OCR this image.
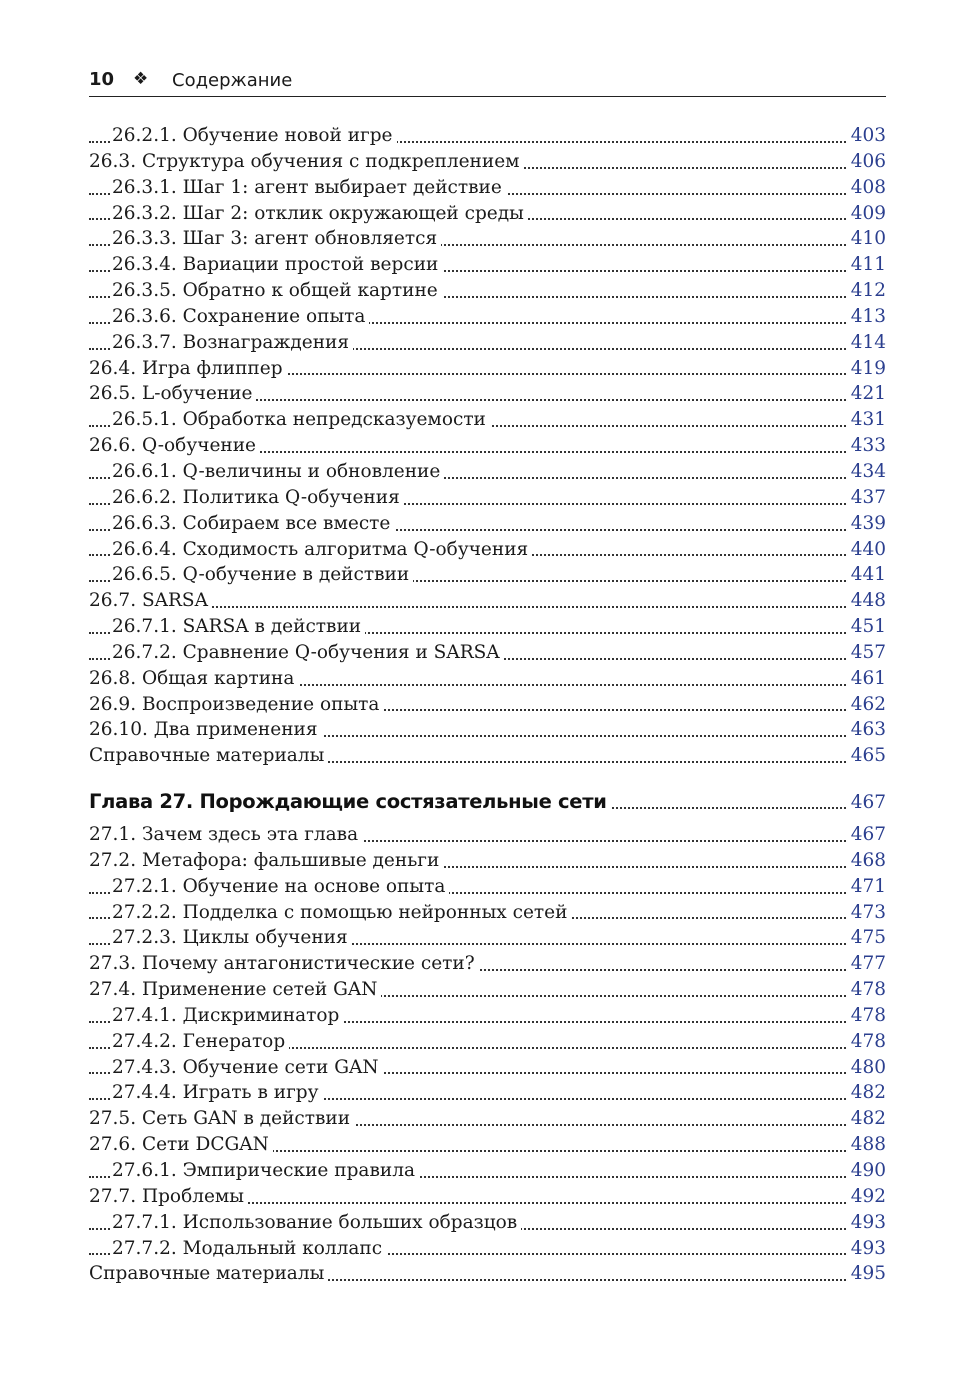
10 ❖ Содержание
26.2.1. Обучение новой игре	403
26.3. Структура обучения с подкреплением	406
26.3.1. Шаг 1: агент выбирает действие	408
26.3.2. Шаг 2: отклик окружающей среды	409
26.3.3. Шаг 3: агент обновляется	410
26.3.4. Вариации простой версии	411
26.3.5. Обратно к общей картине	412
26.3.6. Сохранение опыта	413
26.3.7. Вознаграждения	414
26.4. Игра флиппер	419
26.5. L-обучение	421
26.5.1. Обработка непредсказуемости	431
26.6. Q-обучение	433
26.6.1. Q-величины и обновление	434
26.6.2. Политика Q-обучения	437
26.6.3. Собираем все вместе	439
26.6.4. Сходимость алгоритма Q-обучения	440
26.6.5. Q-обучение в действии	441
26.7. SARSA	448
26.7.1. SARSA в действии	451
26.7.2. Сравнение Q-обучения и SARSA	457
26.8. Общая картина	461
26.9. Воспроизведение опыта	462
26.10. Два применения	463
Справочные материалы	465
Глава 27. Порождающие состязательные сети	467
27.1. Зачем здесь эта глава	467
27.2. Метафора: фальшивые деньги	468
27.2.1. Обучение на основе опыта	471
27.2.2. Подделка с помощью нейронных сетей	473
27.2.3. Циклы обучения	475
27.3. Почему антагонистические сети?	477
27.4. Применение сетей GAN	478
27.4.1. Дискриминатор	478
27.4.2. Генератор	478
27.4.3. Обучение сети GAN	480
27.4.4. Играть в игру	482
27.5. Сеть GAN в действии	482
27.6. Сети DCGAN	488
27.6.1. Эмпирические правила	490
27.7. Проблемы	492
27.7.1. Использование больших образцов	493
27.7.2. Модальный коллапс	493
Справочные материалы	495
